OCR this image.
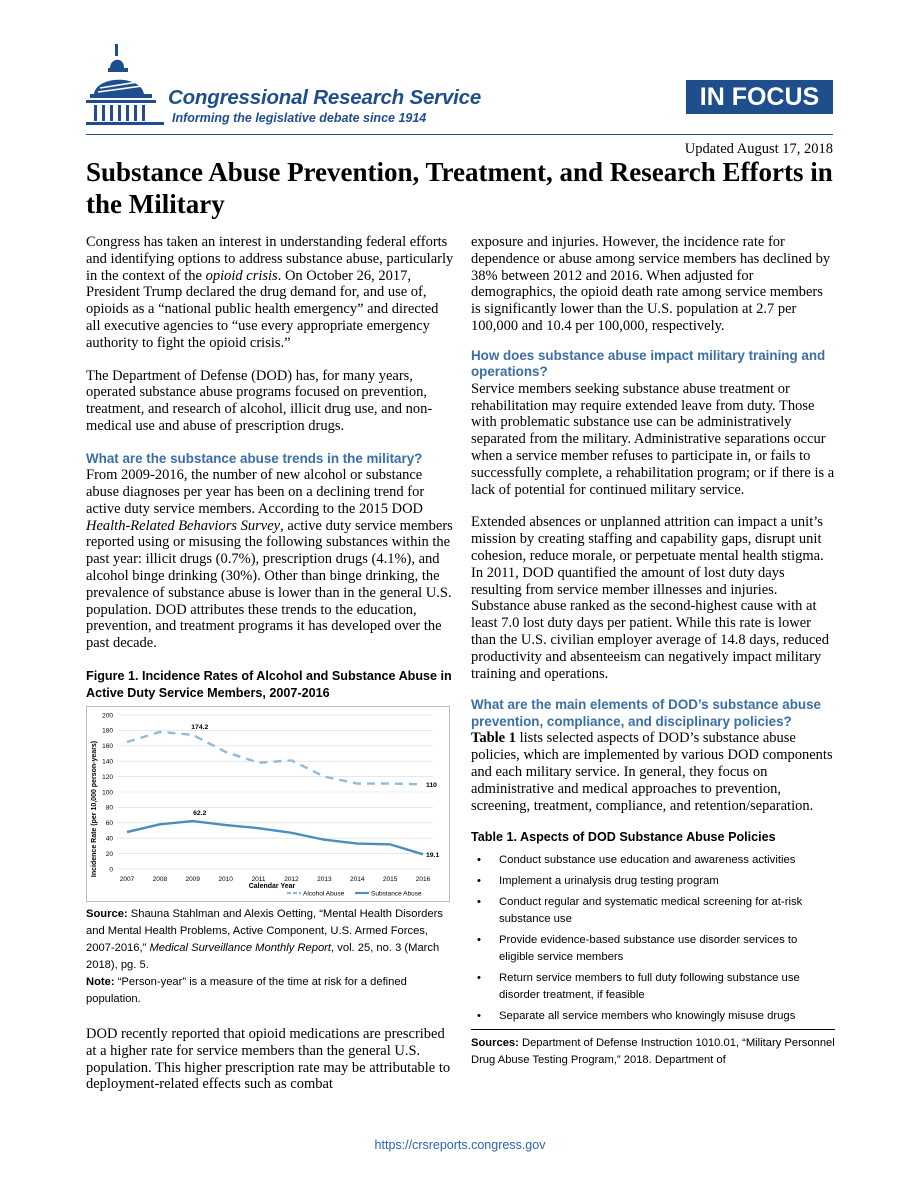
Congressional Research Service
Informing the legislative debate since 1914
IN FOCUS
Updated August 17, 2018
Substance Abuse Prevention, Treatment, and Research Efforts in the Military

Congress has taken an interest in understanding federal efforts and identifying options to address substance abuse, particularly in the context of the opioid crisis. On October 26, 2017, President Trump declared the drug demand for, and use of, opioids as a “national public health emergency” and directed all executive agencies to “use every appropriate emergency authority to fight the opioid crisis.”

The Department of Defense (DOD) has, for many years, operated substance abuse programs focused on prevention, treatment, and research of alcohol, illicit drug use, and non-medical use and abuse of prescription drugs.

What are the substance abuse trends in the military?

From 2009-2016, the number of new alcohol or substance abuse diagnoses per year has been on a declining trend for active duty service members. According to the 2015 DOD Health-Related Behaviors Survey, active duty service members reported using or misusing the following substances within the past year: illicit drugs (0.7%), prescription drugs (4.1%), and alcohol binge drinking (30%). Other than binge drinking, the prevalence of substance abuse is lower than in the general U.S. population. DOD attributes these trends to the education, prevention, and treatment programs it has developed over the past decade.

Figure 1. Incidence Rates of Alcohol and Substance Abuse in Active Duty Service Members, 2007-2016

0
20
40
60
80
100
120
140
160
180
200
2007	2008	2009	2010	2011	2012	2013	2014	2015	2016
174.2
110
62.2
19.1
Incidence Rate (per 10,000 person-years)
Calendar Year
Alcohol Abuse	Substance Abuse

Source: Shauna Stahlman and Alexis Oetting, “Mental Health Disorders and Mental Health Problems, Active Component, U.S. Armed Forces, 2007-2016,” Medical Surveillance Monthly Report, vol. 25, no. 3 (March 2018), pg. 5.

Note: “Person-year” is a measure of the time at risk for a defined population.

DOD recently reported that opioid medications are prescribed at a higher rate for service members than the general U.S. population. This higher prescription rate may be attributable to deployment-related effects such as combat

exposure and injuries. However, the incidence rate for dependence or abuse among service members has declined by 38% between 2012 and 2016. When adjusted for demographics, the opioid death rate among service members is significantly lower than the U.S. population at 2.7 per 100,000 and 10.4 per 100,000, respectively.

How does substance abuse impact military training and operations?

Service members seeking substance abuse treatment or rehabilitation may require extended leave from duty. Those with problematic substance use can be administratively separated from the military. Administrative separations occur when a service member refuses to participate in, or fails to successfully complete, a rehabilitation program; or if there is a lack of potential for continued military service.

Extended absences or unplanned attrition can impact a unit’s mission by creating staffing and capability gaps, disrupt unit cohesion, reduce morale, or perpetuate mental health stigma. In 2011, DOD quantified the amount of lost duty days resulting from service member illnesses and injuries. Substance abuse ranked as the second-highest cause with at least 7.0 lost duty days per patient. While this rate is lower than the U.S. civilian employer average of 14.8 days, reduced productivity and absenteeism can negatively impact military training and operations.

What are the main elements of DOD’s substance abuse prevention, compliance, and disciplinary policies?

Table 1 lists selected aspects of DOD’s substance abuse policies, which are implemented by various DOD components and each military service. In general, they focus on administrative and medical approaches to prevention, screening, treatment, compliance, and retention/separation.

Table 1. Aspects of DOD Substance Abuse Policies

• Conduct substance use education and awareness activities
• Implement a urinalysis drug testing program
• Conduct regular and systematic medical screening for at-risk substance use
• Provide evidence-based substance use disorder services to eligible service members
• Return service members to full duty following substance use disorder treatment, if feasible
• Separate all service members who knowingly misuse drugs

Sources: Department of Defense Instruction 1010.01, “Military Personnel Drug Abuse Testing Program,” 2018. Department of

https://crsreports.congress.gov
